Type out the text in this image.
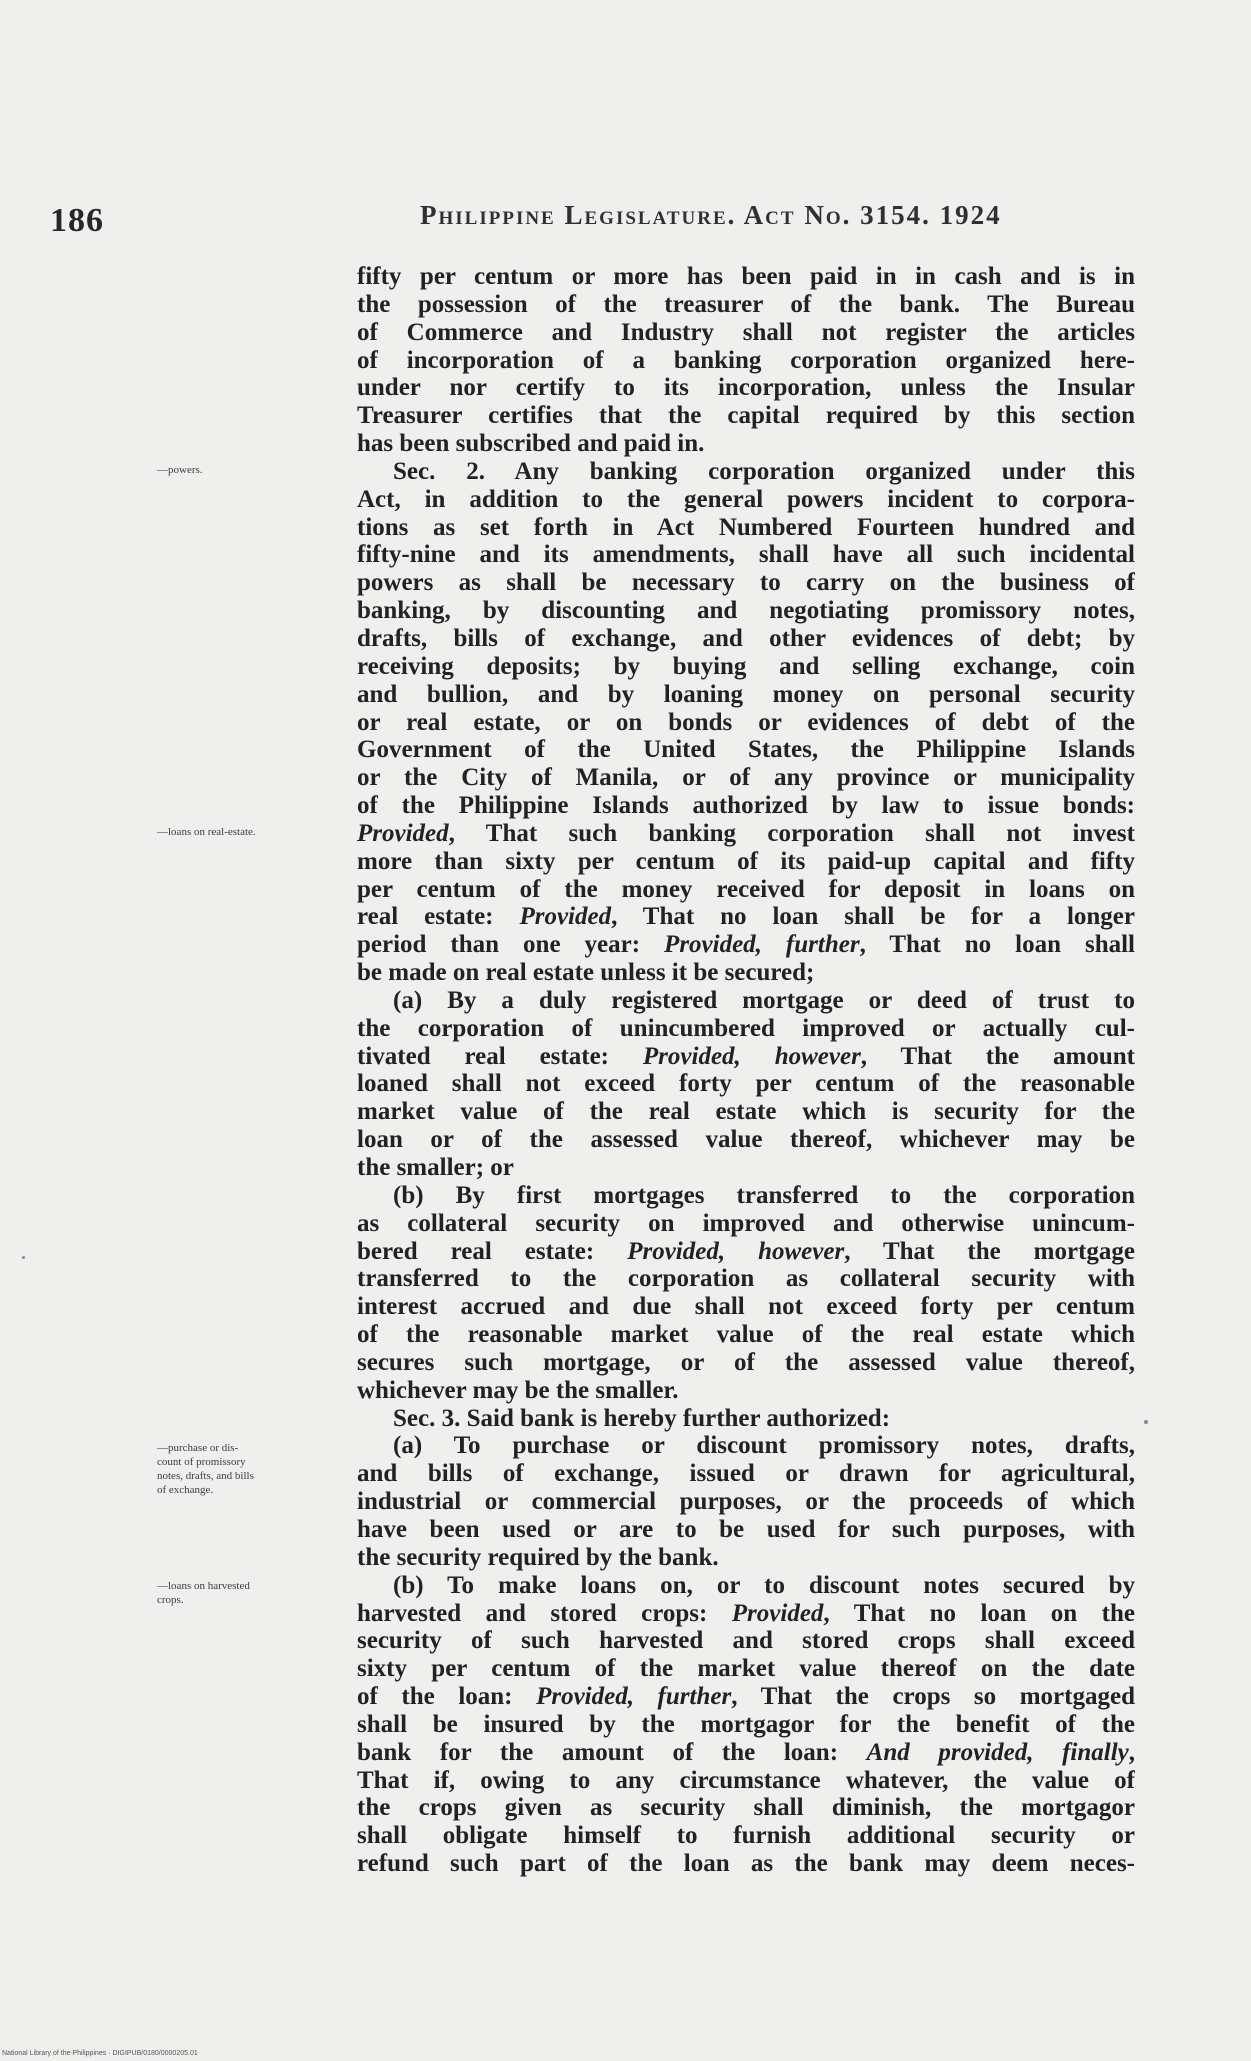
186	Philippine Legislature. Act No. 3154. 1924
—powers.
—loans on real-estate.
—purchase or dis-
count of promissory
notes, drafts, and bills
of exchange.
—loans on harvested
crops.
fifty per centum or more has been paid in in cash and is in
the possession of the treasurer of the bank. The Bureau
of Commerce and Industry shall not register the articles
of incorporation of a banking corporation organized here-
under nor certify to its incorporation, unless the Insular
Treasurer certifies that the capital required by this section
has been subscribed and paid in.
Sec. 2. Any banking corporation organized under this
Act, in addition to the general powers incident to corpora-
tions as set forth in Act Numbered Fourteen hundred and
fifty-nine and its amendments, shall have all such incidental
powers as shall be necessary to carry on the business of
banking, by discounting and negotiating promissory notes,
drafts, bills of exchange, and other evidences of debt; by
receiving deposits; by buying and selling exchange, coin
and bullion, and by loaning money on personal security
or real estate, or on bonds or evidences of debt of the
Government of the United States, the Philippine Islands
or the City of Manila, or of any province or municipality
of the Philippine Islands authorized by law to issue bonds:
Provided, That such banking corporation shall not invest
more than sixty per centum of its paid-up capital and fifty
per centum of the money received for deposit in loans on
real estate: Provided, That no loan shall be for a longer
period than one year: Provided, further, That no loan shall
be made on real estate unless it be secured;
(a) By a duly registered mortgage or deed of trust to
the corporation of unincumbered improved or actually cul-
tivated real estate: Provided, however, That the amount
loaned shall not exceed forty per centum of the reasonable
market value of the real estate which is security for the
loan or of the assessed value thereof, whichever may be
the smaller; or
(b) By first mortgages transferred to the corporation
as collateral security on improved and otherwise unincum-
bered real estate: Provided, however, That the mortgage
transferred to the corporation as collateral security with
interest accrued and due shall not exceed forty per centum
of the reasonable market value of the real estate which
secures such mortgage, or of the assessed value thereof,
whichever may be the smaller.
Sec. 3. Said bank is hereby further authorized:
(a) To purchase or discount promissory notes, drafts,
and bills of exchange, issued or drawn for agricultural,
industrial or commercial purposes, or the proceeds of which
have been used or are to be used for such purposes, with
the security required by the bank.
(b) To make loans on, or to discount notes secured by
harvested and stored crops: Provided, That no loan on the
security of such harvested and stored crops shall exceed
sixty per centum of the market value thereof on the date
of the loan: Provided, further, That the crops so mortgaged
shall be insured by the mortgagor for the benefit of the
bank for the amount of the loan: And provided, finally,
That if, owing to any circumstance whatever, the value of
the crops given as security shall diminish, the mortgagor
shall obligate himself to furnish additional security or
refund such part of the loan as the bank may deem neces-
National Library of the Philippines · DIGIPUB/0180/0000205.01
